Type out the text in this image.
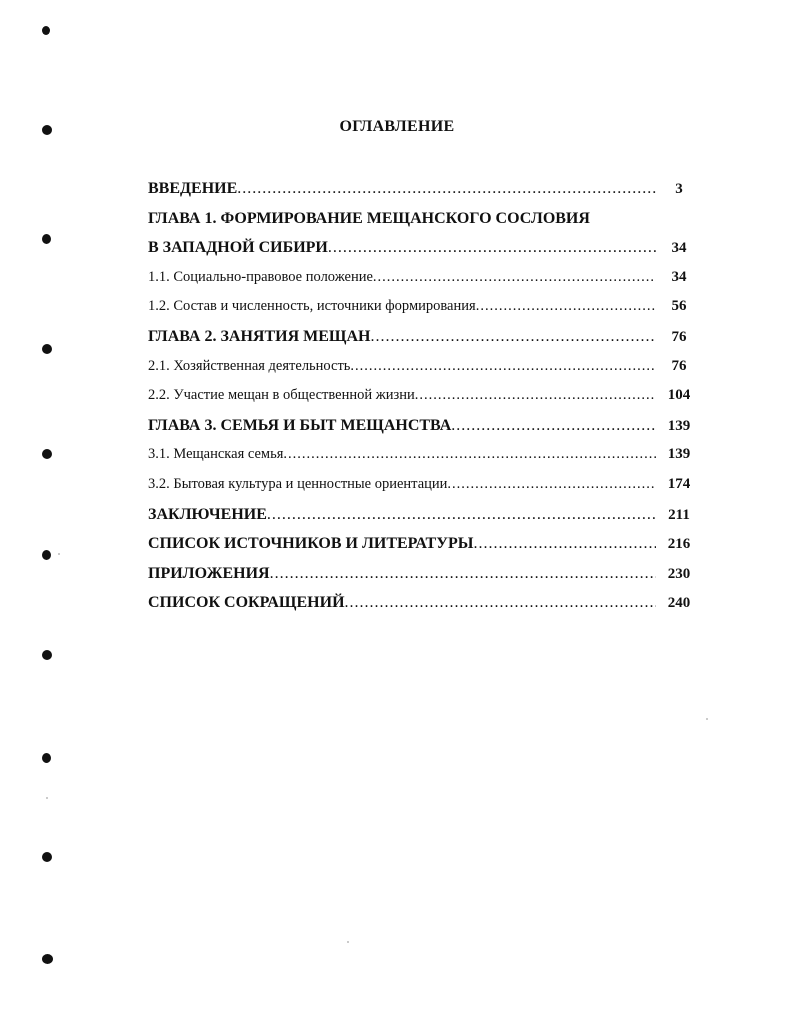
ОГЛАВЛЕНИЕ
ВВЕДЕНИЕ .....	3
ГЛАВА 1. ФОРМИРОВАНИЕ МЕЩАНСКОГО СОСЛОВИЯ
В ЗАПАДНОЙ СИБИРИ .....	34
1.1. Социально-правовое положение .....	34
1.2. Состав и численность, источники формирования .....	56
ГЛАВА 2. ЗАНЯТИЯ МЕЩАН .....	76
2.1. Хозяйственная деятельность .....	76
2.2. Участие мещан в общественной жизни .....	104
ГЛАВА 3. СЕМЬЯ И БЫТ МЕЩАНСТВА .....	139
3.1. Мещанская семья .....	139
3.2. Бытовая культура и ценностные ориентации .....	174
ЗАКЛЮЧЕНИЕ .....	211
СПИСОК ИСТОЧНИКОВ И ЛИТЕРАТУРЫ .....	216
ПРИЛОЖЕНИЯ .....	230
СПИСОК СОКРАЩЕНИЙ .....	240
